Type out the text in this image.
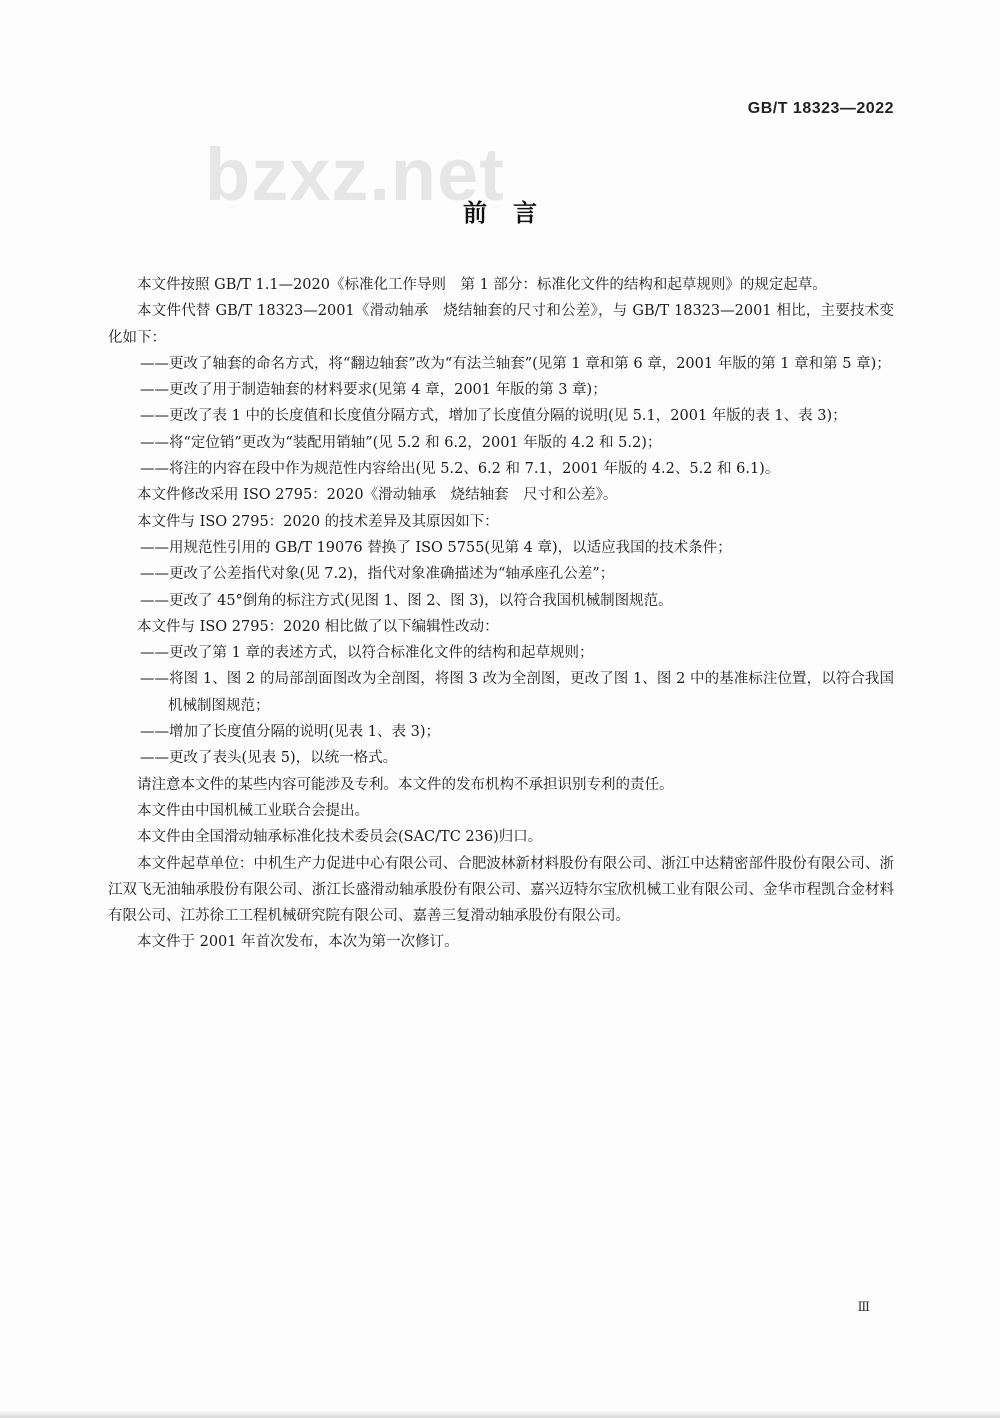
bzxz.net
GB/T 18323—2022
前言
本文件按照 GB/T 1.1—2020《标准化工作导则　第 1 部分：标准化文件的结构和起草规则》的规定起草。
本文件代替 GB/T 18323—2001《滑动轴承　烧结轴套的尺寸和公差》，与 GB/T 18323—2001 相比，主要技术变化如下：
——更改了轴套的命名方式，将“翻边轴套”改为“有法兰轴套”(见第 1 章和第 6 章，2001 年版的第 1 章和第 5 章)；
——更改了用于制造轴套的材料要求(见第 4 章，2001 年版的第 3 章)；
——更改了表 1 中的长度值和长度值分隔方式，增加了长度值分隔的说明(见 5.1，2001 年版的表 1、表 3)；
——将“定位销”更改为“装配用销轴”(见 5.2 和 6.2，2001 年版的 4.2 和 5.2)；
——将注的内容在段中作为规范性内容给出(见 5.2、6.2 和 7.1，2001 年版的 4.2、5.2 和 6.1)。
本文件修改采用 ISO 2795：2020《滑动轴承　烧结轴套　尺寸和公差》。
本文件与 ISO 2795：2020 的技术差异及其原因如下：
——用规范性引用的 GB/T 19076 替换了 ISO 5755(见第 4 章)，以适应我国的技术条件；
——更改了公差指代对象(见 7.2)，指代对象准确描述为“轴承座孔公差”；
——更改了 45°倒角的标注方式(见图 1、图 2、图 3)，以符合我国机械制图规范。
本文件与 ISO 2795：2020 相比做了以下编辑性改动：
——更改了第 1 章的表述方式，以符合标准化文件的结构和起草规则；
——将图 1、图 2 的局部剖面图改为全剖图，将图 3 改为全剖图，更改了图 1、图 2 中的基准标注位置，以符合我国机械制图规范；
——增加了长度值分隔的说明(见表 1、表 3)；
——更改了表头(见表 5)，以统一格式。
请注意本文件的某些内容可能涉及专利。本文件的发布机构不承担识别专利的责任。
本文件由中国机械工业联合会提出。
本文件由全国滑动轴承标准化技术委员会(SAC/TC 236)归口。
本文件起草单位：中机生产力促进中心有限公司、合肥波林新材料股份有限公司、浙江中达精密部件股份有限公司、浙江双飞无油轴承股份有限公司、浙江长盛滑动轴承股份有限公司、嘉兴迈特尔宝欣机械工业有限公司、金华市程凯合金材料有限公司、江苏徐工工程机械研究院有限公司、嘉善三复滑动轴承股份有限公司。
本文件于 2001 年首次发布，本次为第一次修订。
Ⅲ
